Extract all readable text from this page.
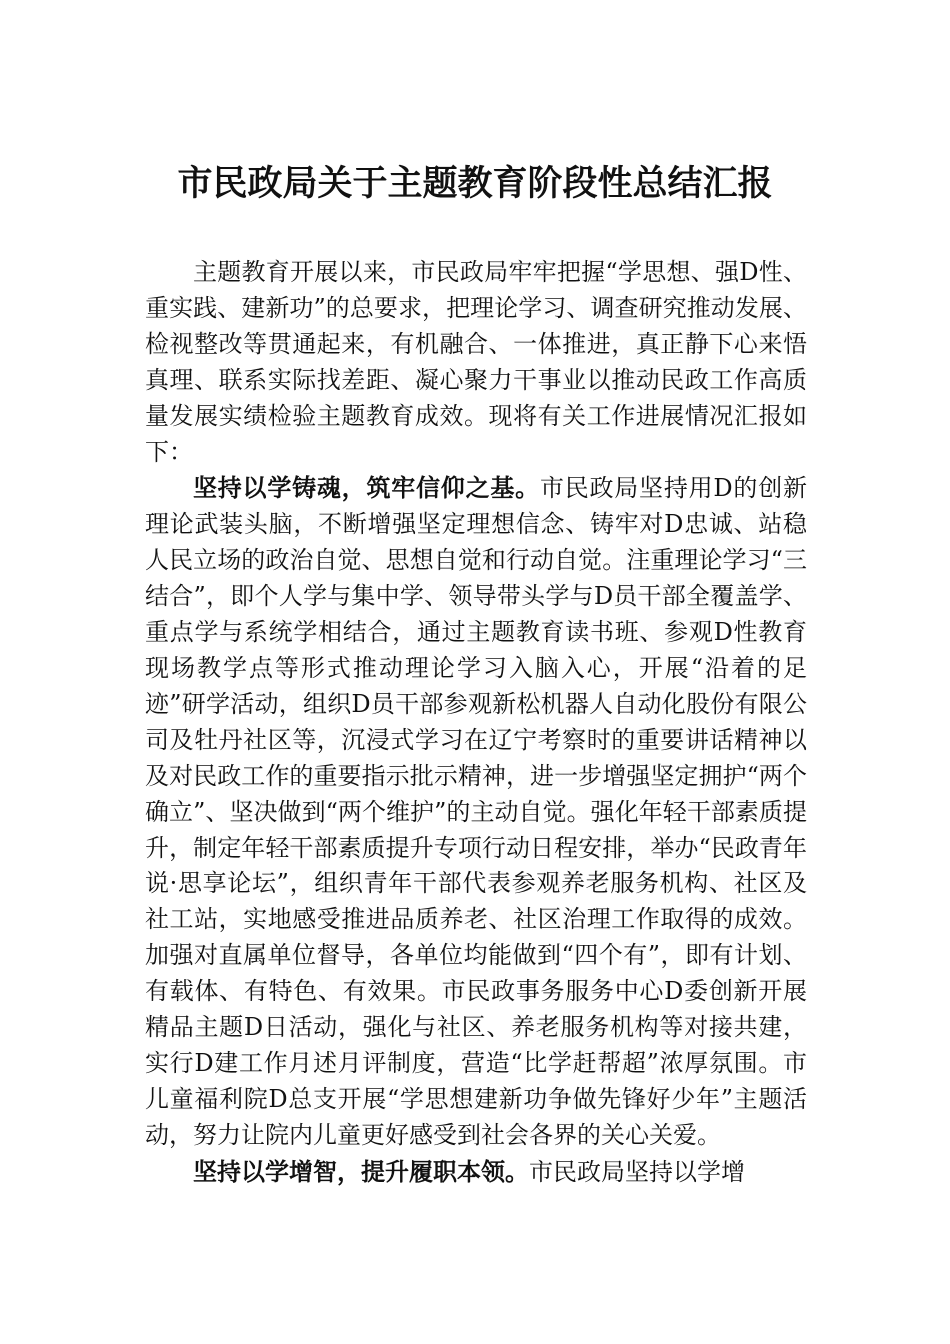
市民政局关于主题教育阶段性总结汇报

主题教育开展以来，市民政局牢牢把握“学思想、强D性、重实践、建新功”的总要求，把理论学习、调查研究推动发展、检视整改等贯通起来，有机融合、一体推进，真正静下心来悟真理、联系实际找差距、凝心聚力干事业以推动民政工作高质量发展实绩检验主题教育成效。现将有关工作进展情况汇报如下：

坚持以学铸魂，筑牢信仰之基。市民政局坚持用D的创新理论武装头脑，不断增强坚定理想信念、铸牢对D忠诚、站稳人民立场的政治自觉、思想自觉和行动自觉。注重理论学习“三结合”，即个人学与集中学、领导带头学与D员干部全覆盖学、重点学与系统学相结合，通过主题教育读书班、参观D性教育现场教学点等形式推动理论学习入脑入心，开展“沿着的足迹”研学活动，组织D员干部参观新松机器人自动化股份有限公司及牡丹社区等，沉浸式学习在辽宁考察时的重要讲话精神以及对民政工作的重要指示批示精神，进一步增强坚定拥护“两个确立”、坚决做到“两个维护”的主动自觉。强化年轻干部素质提升，制定年轻干部素质提升专项行动日程安排，举办“民政青年说·思享论坛”，组织青年干部代表参观养老服务机构、社区及社工站，实地感受推进品质养老、社区治理工作取得的成效。加强对直属单位督导，各单位均能做到“四个有”，即有计划、有载体、有特色、有效果。市民政事务服务中心D委创新开展精品主题D日活动，强化与社区、养老服务机构等对接共建，实行D建工作月述月评制度，营造“比学赶帮超”浓厚氛围。市儿童福利院D总支开展“学思想建新功争做先锋好少年”主题活动，努力让院内儿童更好感受到社会各界的关心关爱。

坚持以学增智，提升履职本领。市民政局坚持以学增
